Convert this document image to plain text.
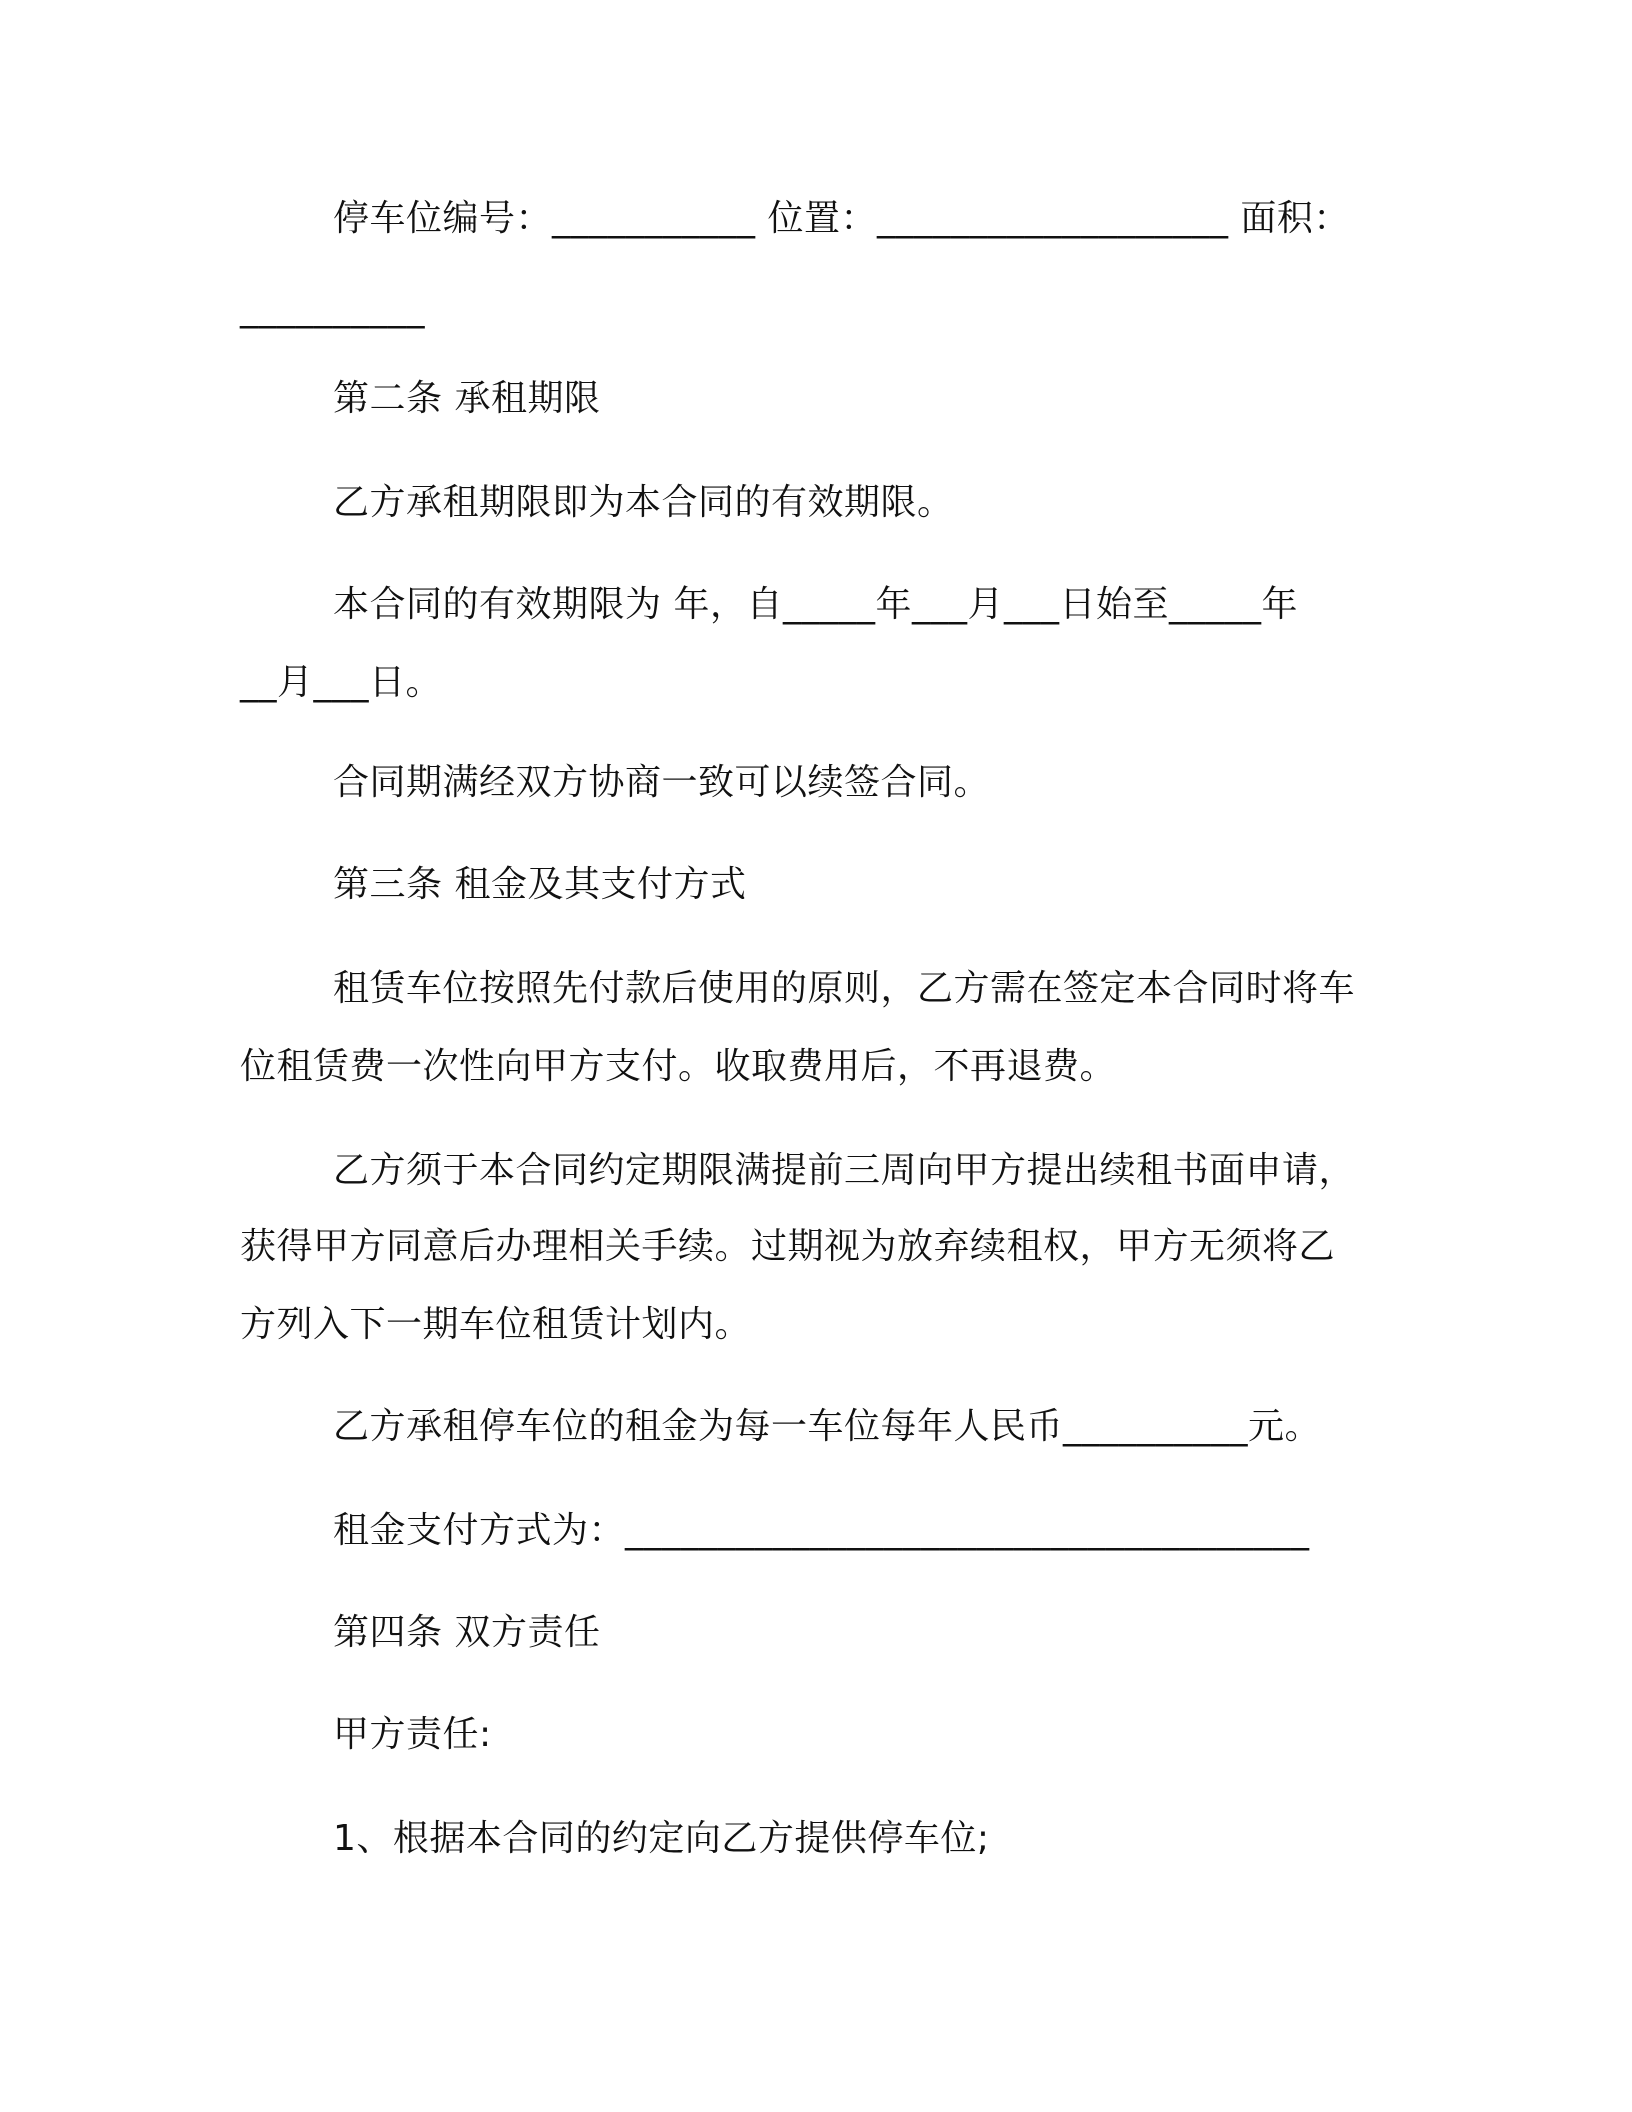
停车位编号：___________ 位置：___________________ 面积：

__________

第二条 承租期限

乙方承租期限即为本合同的有效期限。

本合同的有效期限为 年，自_____年___月___日始至_____年

__月___日。

合同期满经双方协商一致可以续签合同。

第三条 租金及其支付方式

租赁车位按照先付款后使用的原则，乙方需在签定本合同时将车

位租赁费一次性向甲方支付。收取费用后，不再退费。

乙方须于本合同约定期限满提前三周向甲方提出续租书面申请，

获得甲方同意后办理相关手续。过期视为放弃续租权，甲方无须将乙

方列入下一期车位租赁计划内。

乙方承租停车位的租金为每一车位每年人民币__________元。

租金支付方式为：_____________________________________

第四条 双方责任

甲方责任:

1、根据本合同的约定向乙方提供停车位;
